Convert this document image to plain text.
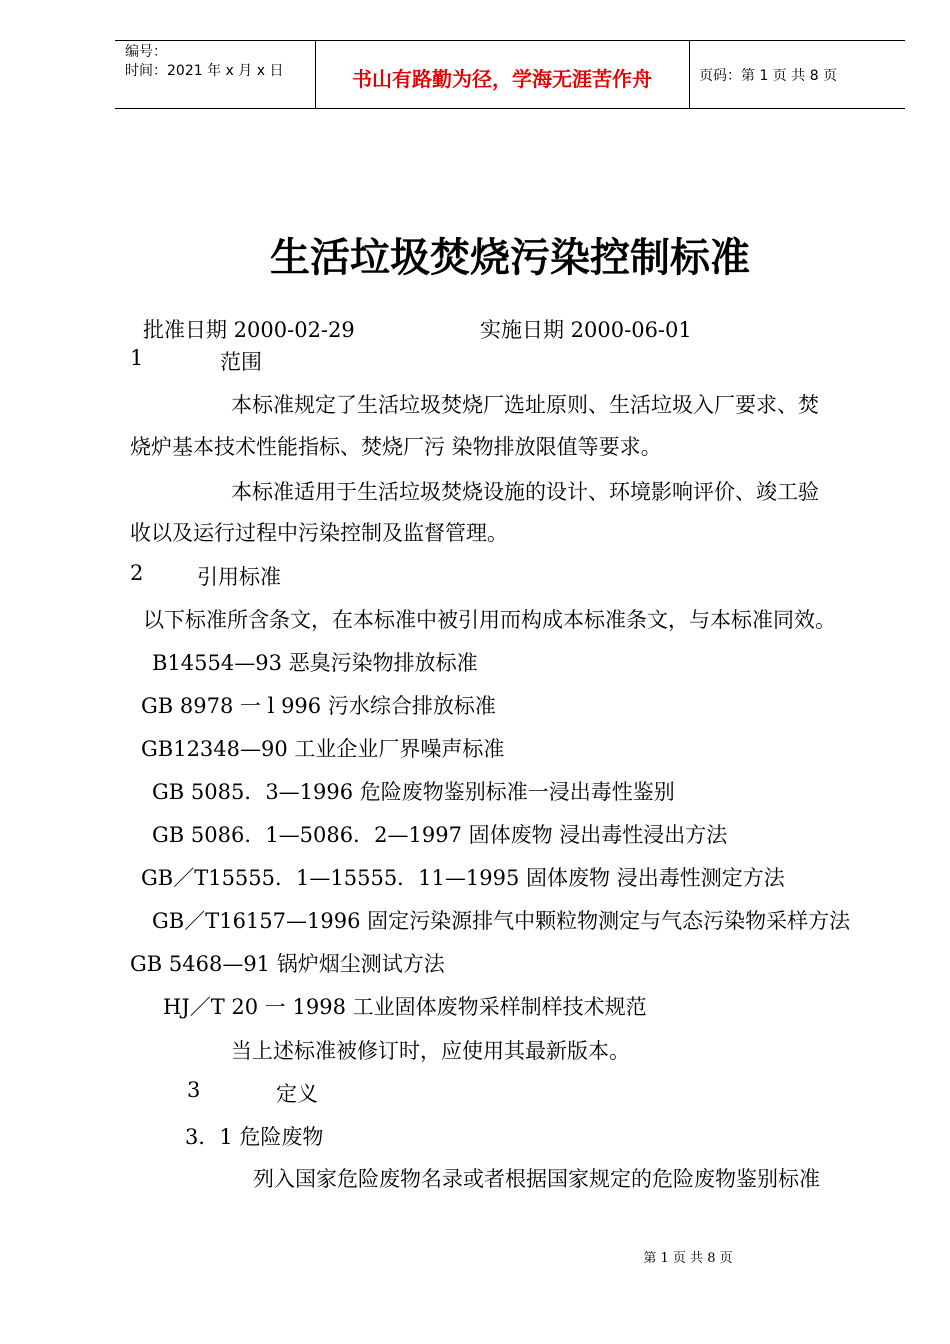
编号：
时间：2021 年 x 月 x 日	书山有路勤为径，学海无涯苦作舟	页码：第 1 页 共 8 页
生活垃圾焚烧污染控制标准
批准日期 2000-02-29	实施日期 2000-06-01
1	范围
本标准规定了生活垃圾焚烧厂选址原则、生活垃圾入厂要求、焚
烧炉基本技术性能指标、焚烧厂污 染物排放限值等要求。
本标准适用于生活垃圾焚烧设施的设计、环境影响评价、竣工验
收以及运行过程中污染控制及监督管理。
2	引用标准
以下标准所含条文，在本标准中被引用而构成本标准条文，与本标准同效。
B14554—93 恶臭污染物排放标准
GB 8978 一 l 996 污水综合排放标准
GB12348—90 工业企业厂界噪声标准
GB 5085．3—1996 危险废物鉴别标准一浸出毒性鉴别
GB 5086．1—5086．2—1997 固体废物 浸出毒性浸出方法
GB／T15555．1—15555．11—1995 固体废物 浸出毒性测定方法
GB／T16157—1996 固定污染源排气中颗粒物测定与气态污染物采样方法
GB 5468—91 锅炉烟尘测试方法
HJ／T 20 一 1998 工业固体废物采样制样技术规范
当上述标准被修订时，应使用其最新版本。
3	定义
3．1 危险废物
列入国家危险废物名录或者根据国家规定的危险废物鉴别标准
第 1 页 共 8 页
